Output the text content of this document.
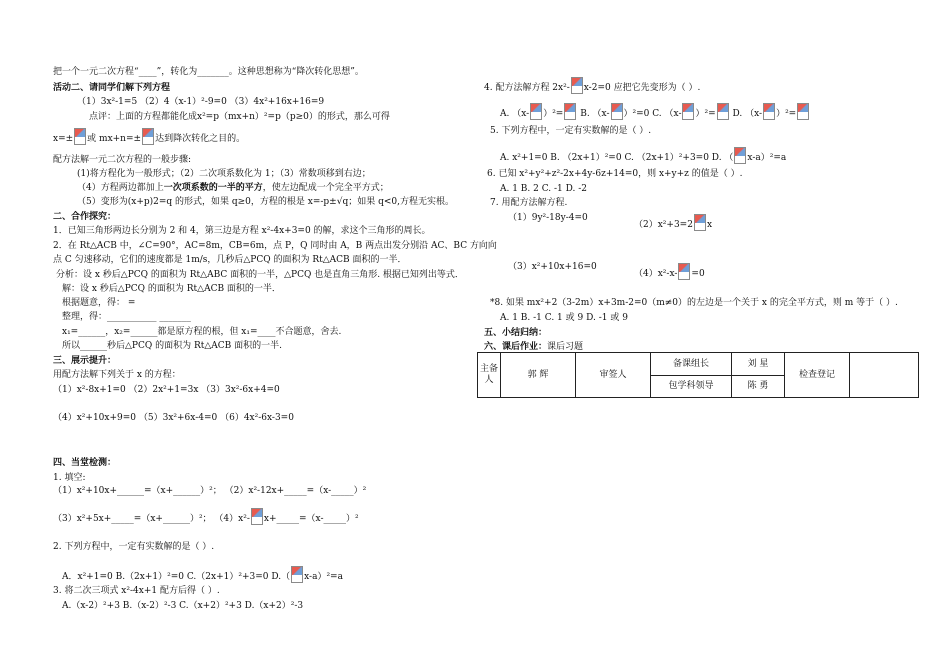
把一个一元二次方程“____”，转化为_______。这种思想称为“降次转化思想”。
活动二、请同学们解下列方程
（1）3x²-1=5 （2）4（x-1）²-9=0 （3）4x²+16x+16=9
点评：上面的方程都能化成x²=p（mx+n）²=p（p≥0）的形式，那么可得
x=± 或 mx+n=± 达到降次转化之目的。
配方法解一元二次方程的一般步骤:
(1)将方程化为一般形式；（2）二次项系数化为 1；（3）常数项移到右边；
（4）方程两边都加上一次项系数的一半的平方，使左边配成一个完全平方式；
（5）变形为(x+p)2=q 的形式，如果 q≥0，方程的根是 x=-p±√q；如果 q<0,方程无实根。
二、合作探究：
1．已知三角形两边长分别为 2 和 4，第三边是方程 x²-4x+3=0 的解，求这个三角形的周长。
2．在 Rt△ACB 中，∠C=90°，AC=8m，CB=6m，点 P，Q 同时由 A，B 两点出发分别沿 AC、BC 方向向
点 C 匀速移动，它们的速度都是 1m/s，几秒后△PCQ 的面积为 Rt△ACB 面积的一半．
分析：设 x 秒后△PCQ 的面积为 Rt△ABC 面积的一半，△PCQ 也是直角三角形. 根据已知列出等式．
解：设 x 秒后△PCQ 的面积为 Rt△ACB 面积的一半．
根据题意，得： =
整理，得：___________ _______
x₁=______，x₂=______都是原方程的根，但 x₁=____不合题意，舍去.
所以______秒后△PCQ 的面积为 Rt△ACB 面积的一半.
三、展示提升：
用配方法解下列关于 x 的方程：
（1）x²-8x+1=0 （2）2x²+1=3x （3）3x²-6x+4=0
（4）x²+10x+9=0 （5）3x²+6x-4=0 （6）4x²-6x-3=0
四、当堂检测：
1. 填空:
（1）x²+10x+______=（x+______）²； （2）x²-12x+_____=（x-_____）²
（3）x²+5x+_____=（x+______）²； （4）x²- x+_____=（x-_____）²
2. 下列方程中，一定有实数解的是（ ）.
A．x²+1=0 B.（2x+1）²=0 C.（2x+1）²+3=0 D.（ x-a）²=a
3. 将二次三项式 x²-4x+1 配方后得（ ）.
A.（x-2）²+3 B.（x-2）²-3 C.（x+2）²+3 D.（x+2）²-3
4. 配方法解方程 2x²- x-2=0 应把它先变形为（ ）.
A. （x- ）²= B. （x- ）²=0 C. （x- ）²= D. （x- ）²=
5. 下列方程中，一定有实数解的是（ ）.
A. x²+1=0 B. （2x+1）²=0 C. （2x+1）²+3=0 D. （ x-a）²=a
6. 已知 x²+y²+z²-2x+4y-6z+14=0，则 x+y+z 的值是（ ）.
A. 1 B. 2 C. -1 D. -2
7. 用配方法解方程.
（1）9y²-18y-4=0
（2）x²+3=2 x
（3）x²+10x+16=0
（4）x²-x- =0
*8. 如果 mx²+2（3-2m）x+3m-2=0（m≠0）的左边是一个关于 x 的完全平方式，则 m 等于（ ）.
A. 1 B. -1 C. 1 或 9 D. -1 或 9
五、小结归纳：
六、课后作业：课后习题
主备人	郭 辉	审签人	备课组长	刘 星	检查登记	
			包学科领导	陈 勇		
